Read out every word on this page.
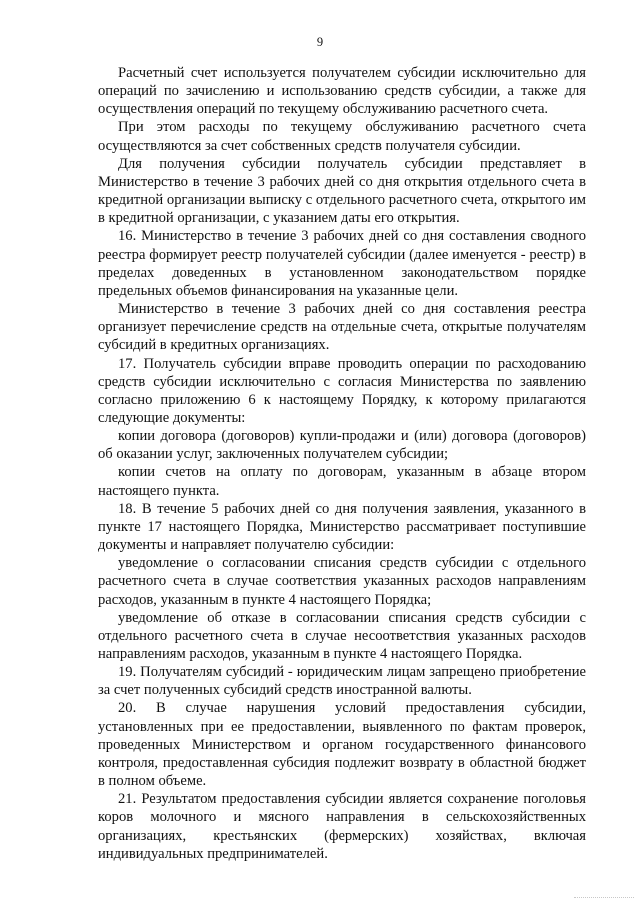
9

Расчетный счет используется получателем субсидии исключительно для операций по зачислению и использованию средств субсидии, а также для осуществления операций по текущему обслуживанию расчетного счета.

При этом расходы по текущему обслуживанию расчетного счета осуществляются за счет собственных средств получателя субсидии.

Для получения субсидии получатель субсидии представляет в Министерство в течение 3 рабочих дней со дня открытия отдельного счета в кредитной организации выписку с отдельного расчетного счета, открытого им в кредитной организации, с указанием даты его открытия.

16. Министерство в течение 3 рабочих дней со дня составления сводного реестра формирует реестр получателей субсидии (далее именуется - реестр) в пределах доведенных в установленном законодательством порядке предельных объемов финансирования на указанные цели.

Министерство в течение 3 рабочих дней со дня составления реестра организует перечисление средств на отдельные счета, открытые получателям субсидий в кредитных организациях.

17. Получатель субсидии вправе проводить операции по расходованию средств субсидии исключительно с согласия Министерства по заявлению согласно приложению 6 к настоящему Порядку, к которому прилагаются следующие документы:

копии договора (договоров) купли-продажи и (или) договора (договоров) об оказании услуг, заключенных получателем субсидии;

копии счетов на оплату по договорам, указанным в абзаце втором настоящего пункта.

18. В течение 5 рабочих дней со дня получения заявления, указанного в пункте 17 настоящего Порядка, Министерство рассматривает поступившие документы и направляет получателю субсидии:

уведомление о согласовании списания средств субсидии с отдельного расчетного счета в случае соответствия указанных расходов направлениям расходов, указанным в пункте 4 настоящего Порядка;

уведомление об отказе в согласовании списания средств субсидии с отдельного расчетного счета в случае несоответствия указанных расходов направлениям расходов, указанным в пункте 4 настоящего Порядка.

19. Получателям субсидий - юридическим лицам запрещено приобретение за счет полученных субсидий средств иностранной валюты.

20. В случае нарушения условий предоставления субсидии, установленных при ее предоставлении, выявленного по фактам проверок, проведенных Министерством и органом государственного финансового контроля, предоставленная субсидия подлежит возврату в областной бюджет в полном объеме.

21. Результатом предоставления субсидии является сохранение поголовья коров молочного и мясного направления в сельскохозяйственных организациях, крестьянских (фермерских) хозяйствах, включая индивидуальных предпринимателей.
